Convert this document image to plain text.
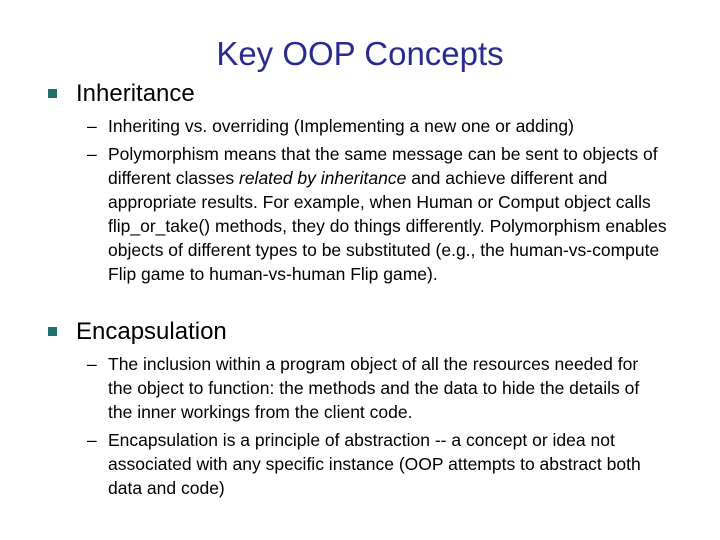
Key OOP Concepts
Inheritance
– Inheriting vs. overriding (Implementing a new one or adding)
– Polymorphism means that the same message can be sent to objects of different classes related by inheritance and achieve different and appropriate results. For example, when Human or Comput object calls flip_or_take() methods, they do things differently. Polymorphism enables objects of different types to be substituted (e.g., the human-vs-compute Flip game to human-vs-human Flip game).
Encapsulation
– The inclusion within a program object of all the resources needed for the object to function: the methods and the data to hide the details of the inner workings from the client code.
– Encapsulation is a principle of abstraction -- a concept or idea not associated with any specific instance (OOP attempts to abstract both data and code)
